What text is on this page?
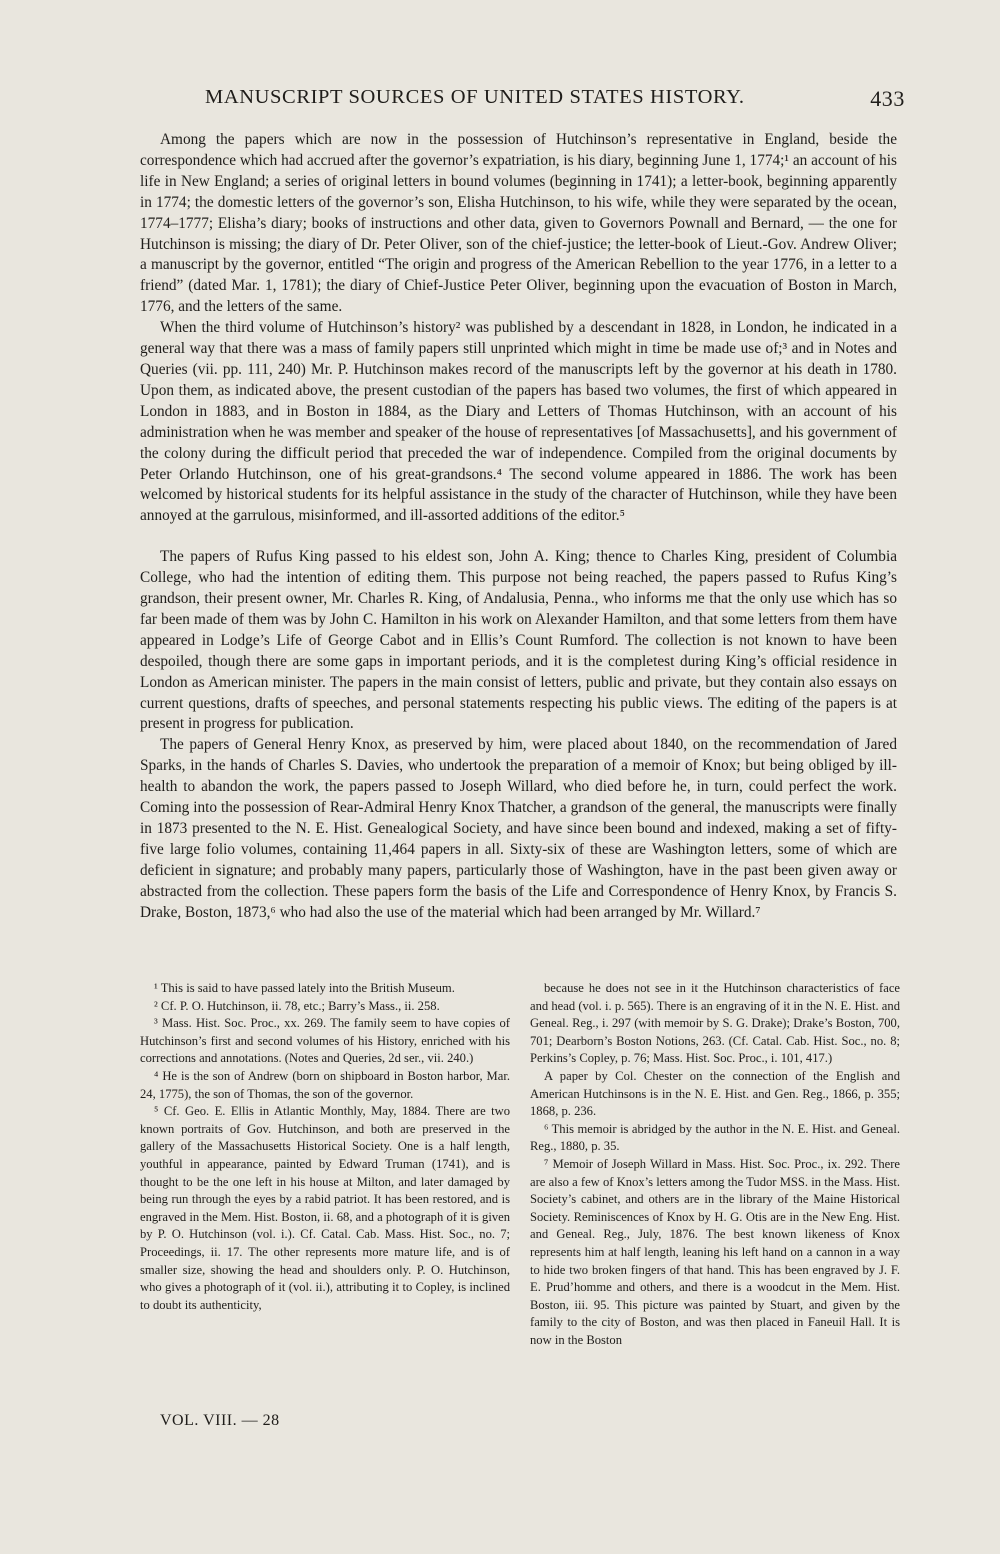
MANUSCRIPT SOURCES OF UNITED STATES HISTORY.	433

Among the papers which are now in the possession of Hutchinson’s representative in England, beside the correspondence which had accrued after the governor’s expatriation, is his diary, beginning June 1, 1774;¹ an account of his life in New England; a series of original letters in bound volumes (beginning in 1741); a letter-book, beginning apparently in 1774; the domestic letters of the governor’s son, Elisha Hutchinson, to his wife, while they were separated by the ocean, 1774–1777; Elisha’s diary; books of instructions and other data, given to Governors Pownall and Bernard, — the one for Hutchinson is missing; the diary of Dr. Peter Oliver, son of the chief-justice; the letter-book of Lieut.-Gov. Andrew Oliver; a manuscript by the governor, entitled “The origin and progress of the American Rebellion to the year 1776, in a letter to a friend” (dated Mar. 1, 1781); the diary of Chief-Justice Peter Oliver, beginning upon the evacuation of Boston in March, 1776, and the letters of the same.

When the third volume of Hutchinson’s history² was published by a descendant in 1828, in London, he indicated in a general way that there was a mass of family papers still unprinted which might in time be made use of;³ and in Notes and Queries (vii. pp. 111, 240) Mr. P. Hutchinson makes record of the manuscripts left by the governor at his death in 1780. Upon them, as indicated above, the present custodian of the papers has based two volumes, the first of which appeared in London in 1883, and in Boston in 1884, as the Diary and Letters of Thomas Hutchinson, with an account of his administration when he was member and speaker of the house of representatives [of Massachusetts], and his government of the colony during the difficult period that preceded the war of independence. Compiled from the original documents by Peter Orlando Hutchinson, one of his great-grandsons.⁴ The second volume appeared in 1886. The work has been welcomed by historical students for its helpful assistance in the study of the character of Hutchinson, while they have been annoyed at the garrulous, misinformed, and ill-assorted additions of the editor.⁵

The papers of Rufus King passed to his eldest son, John A. King; thence to Charles King, president of Columbia College, who had the intention of editing them. This purpose not being reached, the papers passed to Rufus King’s grandson, their present owner, Mr. Charles R. King, of Andalusia, Penna., who informs me that the only use which has so far been made of them was by John C. Hamilton in his work on Alexander Hamilton, and that some letters from them have appeared in Lodge’s Life of George Cabot and in Ellis’s Count Rumford. The collection is not known to have been despoiled, though there are some gaps in important periods, and it is the completest during King’s official residence in London as American minister. The papers in the main consist of letters, public and private, but they contain also essays on current questions, drafts of speeches, and personal statements respecting his public views. The editing of the papers is at present in progress for publication.

The papers of General Henry Knox, as preserved by him, were placed about 1840, on the recommendation of Jared Sparks, in the hands of Charles S. Davies, who undertook the preparation of a memoir of Knox; but being obliged by ill-health to abandon the work, the papers passed to Joseph Willard, who died before he, in turn, could perfect the work. Coming into the possession of Rear-Admiral Henry Knox Thatcher, a grandson of the general, the manuscripts were finally in 1873 presented to the N. E. Hist. Genealogical Society, and have since been bound and indexed, making a set of fifty-five large folio volumes, containing 11,464 papers in all. Sixty-six of these are Washington letters, some of which are deficient in signature; and probably many papers, particularly those of Washington, have in the past been given away or abstracted from the collection. These papers form the basis of the Life and Correspondence of Henry Knox, by Francis S. Drake, Boston, 1873,⁶ who had also the use of the material which had been arranged by Mr. Willard.⁷

¹ This is said to have passed lately into the British Museum.

² Cf. P. O. Hutchinson, ii. 78, etc.; Barry’s Mass., ii. 258.

³ Mass. Hist. Soc. Proc., xx. 269. The family seem to have copies of Hutchinson’s first and second volumes of his History, enriched with his corrections and annotations. (Notes and Queries, 2d ser., vii. 240.)

⁴ He is the son of Andrew (born on shipboard in Boston harbor, Mar. 24, 1775), the son of Thomas, the son of the governor.

⁵ Cf. Geo. E. Ellis in Atlantic Monthly, May, 1884. There are two known portraits of Gov. Hutchinson, and both are preserved in the gallery of the Massachusetts Historical Society. One is a half length, youthful in appearance, painted by Edward Truman (1741), and is thought to be the one left in his house at Milton, and later damaged by being run through the eyes by a rabid patriot. It has been restored, and is engraved in the Mem. Hist. Boston, ii. 68, and a photograph of it is given by P. O. Hutchinson (vol. i.). Cf. Catal. Cab. Mass. Hist. Soc., no. 7; Proceedings, ii. 17. The other represents more mature life, and is of smaller size, showing the head and shoulders only. P. O. Hutchinson, who gives a photograph of it (vol. ii.), attributing it to Copley, is inclined to doubt its authenticity,

because he does not see in it the Hutchinson characteristics of face and head (vol. i. p. 565). There is an engraving of it in the N. E. Hist. and Geneal. Reg., i. 297 (with memoir by S. G. Drake); Drake’s Boston, 700, 701; Dearborn’s Boston Notions, 263. (Cf. Catal. Cab. Hist. Soc., no. 8; Perkins’s Copley, p. 76; Mass. Hist. Soc. Proc., i. 101, 417.)

A paper by Col. Chester on the connection of the English and American Hutchinsons is in the N. E. Hist. and Gen. Reg., 1866, p. 355; 1868, p. 236.

⁶ This memoir is abridged by the author in the N. E. Hist. and Geneal. Reg., 1880, p. 35.

⁷ Memoir of Joseph Willard in Mass. Hist. Soc. Proc., ix. 292. There are also a few of Knox’s letters among the Tudor MSS. in the Mass. Hist. Society’s cabinet, and others are in the library of the Maine Historical Society. Reminiscences of Knox by H. G. Otis are in the New Eng. Hist. and Geneal. Reg., July, 1876. The best known likeness of Knox represents him at half length, leaning his left hand on a cannon in a way to hide two broken fingers of that hand. This has been engraved by J. F. E. Prud’homme and others, and there is a woodcut in the Mem. Hist. Boston, iii. 95. This picture was painted by Stuart, and given by the family to the city of Boston, and was then placed in Faneuil Hall. It is now in the Boston

VOL. VIII. — 28
